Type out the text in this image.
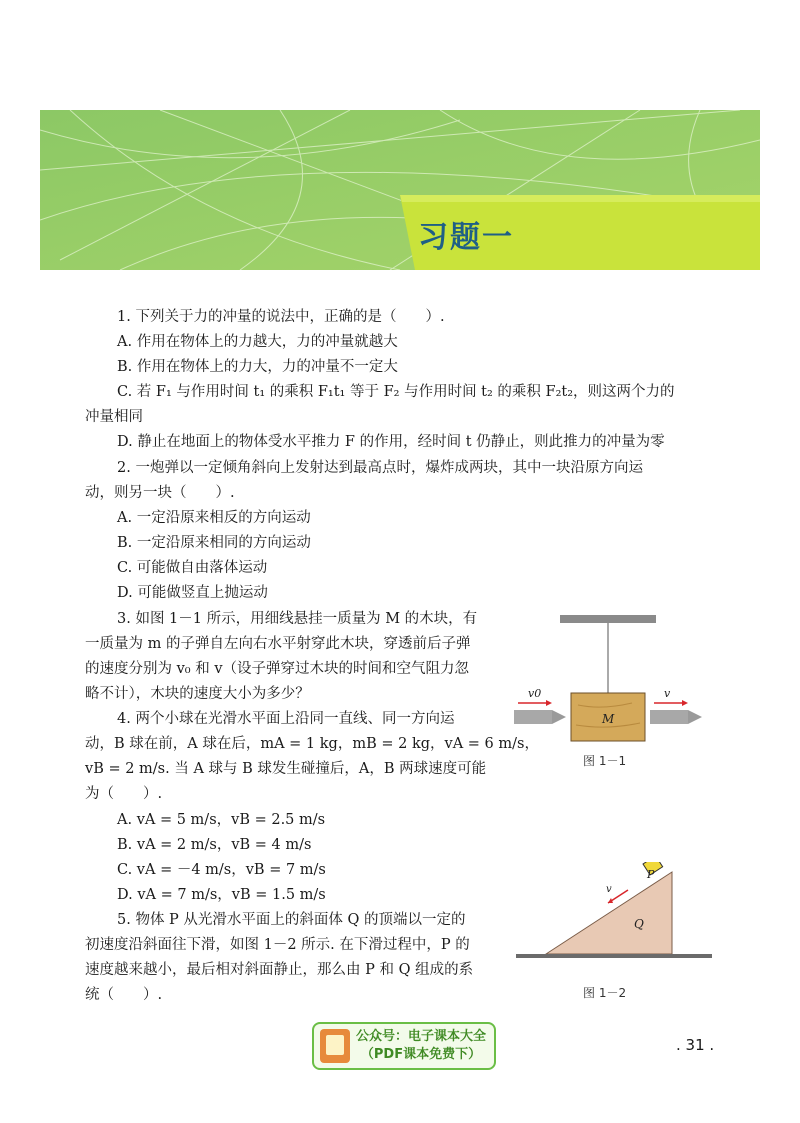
习题一
1. 下列关于力的冲量的说法中，正确的是（　　）.
A. 作用在物体上的力越大，力的冲量就越大
B. 作用在物体上的力大，力的冲量不一定大
C. 若 F₁ 与作用时间 t₁ 的乘积 F₁t₁ 等于 F₂ 与作用时间 t₂ 的乘积 F₂t₂，则这两个力的
冲量相同
D. 静止在地面上的物体受水平推力 F 的作用，经时间 t 仍静止，则此推力的冲量为零
2. 一炮弹以一定倾角斜向上发射达到最高点时，爆炸成两块，其中一块沿原方向运
动，则另一块（　　）.
A. 一定沿原来相反的方向运动
B. 一定沿原来相同的方向运动
C. 可能做自由落体运动
D. 可能做竖直上抛运动
3. 如图 1－1 所示，用细线悬挂一质量为 M 的木块，有
一质量为 m 的子弹自左向右水平射穿此木块，穿透前后子弹
的速度分别为 v₀ 和 v（设子弹穿过木块的时间和空气阻力忽
略不计），木块的速度大小为多少？
4. 两个小球在光滑水平面上沿同一直线、同一方向运
动，B 球在前，A 球在后，mA = 1 kg，mB = 2 kg，vA = 6 m/s，
vB = 2 m/s. 当 A 球与 B 球发生碰撞后，A，B 两球速度可能
为（　　）.
A. vA = 5 m/s，vB = 2.5 m/s
B. vA = 2 m/s，vB = 4 m/s
C. vA = －4 m/s，vB = 7 m/s
D. vA = 7 m/s，vB = 1.5 m/s
5. 物体 P 从光滑水平面上的斜面体 Q 的顶端以一定的
初速度沿斜面往下滑，如图 1－2 所示. 在下滑过程中，P 的
速度越来越小，最后相对斜面静止，那么由 P 和 Q 组成的系
统（　　）.
v0	v
M
图 1－1
P
Q
v
图 1－2
公众号：电子课本大全
（PDF课本免费下）
. 31 .
